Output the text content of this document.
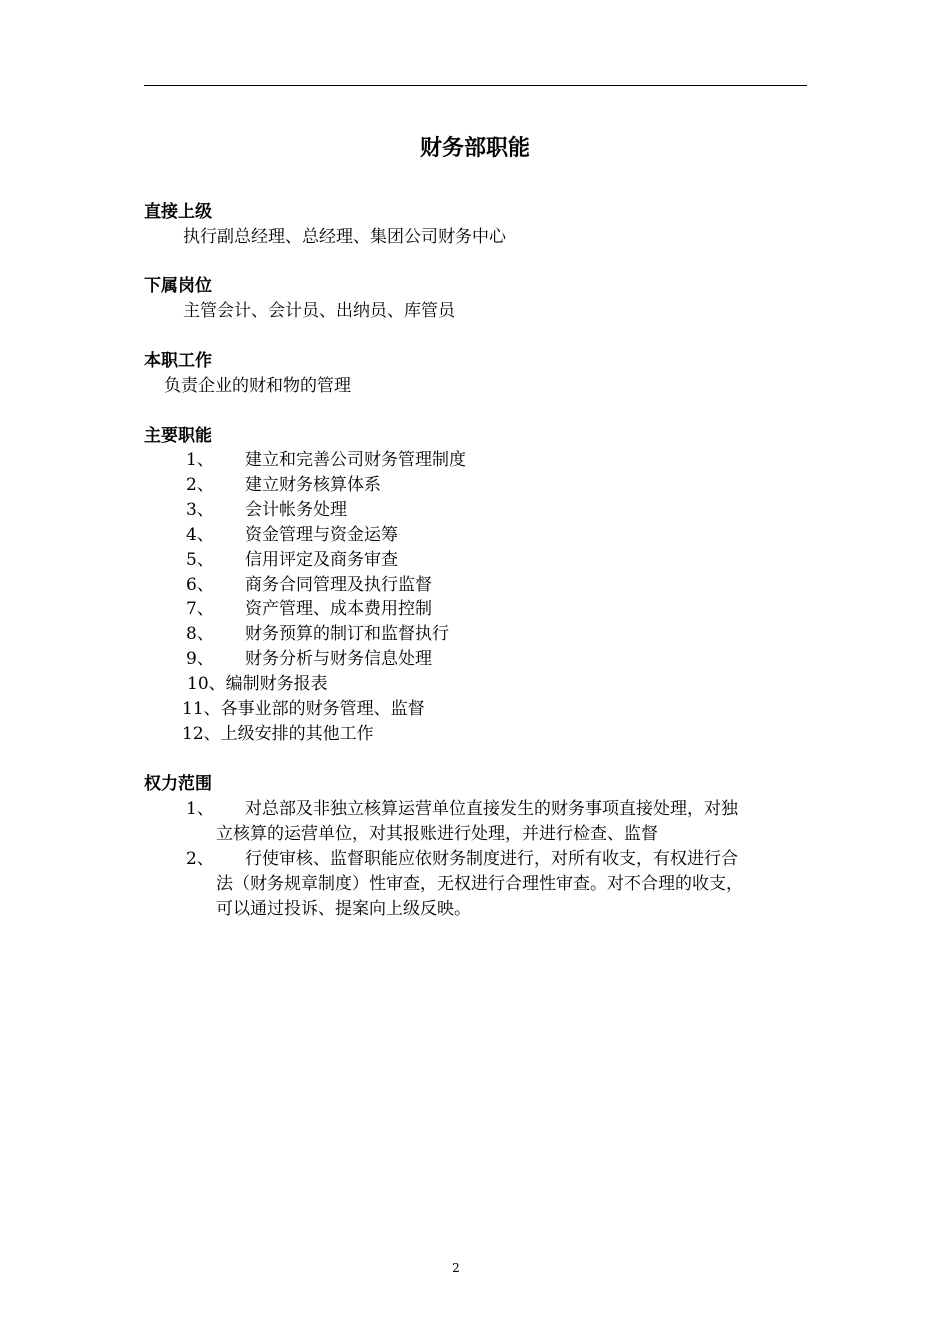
财务部职能
直接上级

执行副总经理、总经理、集团公司财务中心

下属岗位

主管会计、会计员、出纳员、库管员

本职工作

负责企业的财和物的管理

主要职能
1、 建立和完善公司财务管理制度
2、 建立财务核算体系
3、 会计帐务处理
4、 资金管理与资金运筹
5、 信用评定及商务审查
6、 商务合同管理及执行监督
7、 资产管理、成本费用控制
8、 财务预算的制订和监督执行
9、 财务分析与财务信息处理
10、编制财务报表
11、各事业部的财务管理、监督
12、上级安排的其他工作
权力范围
1、 对总部及非独立核算运营单位直接发生的财务事项直接处理，对独
立核算的运营单位，对其报账进行处理，并进行检查、监督
2、 行使审核、监督职能应依财务制度进行，对所有收支，有权进行合
法（财务规章制度）性审查，无权进行合理性审查。对不合理的收支，
可以通过投诉、提案向上级反映。
2
